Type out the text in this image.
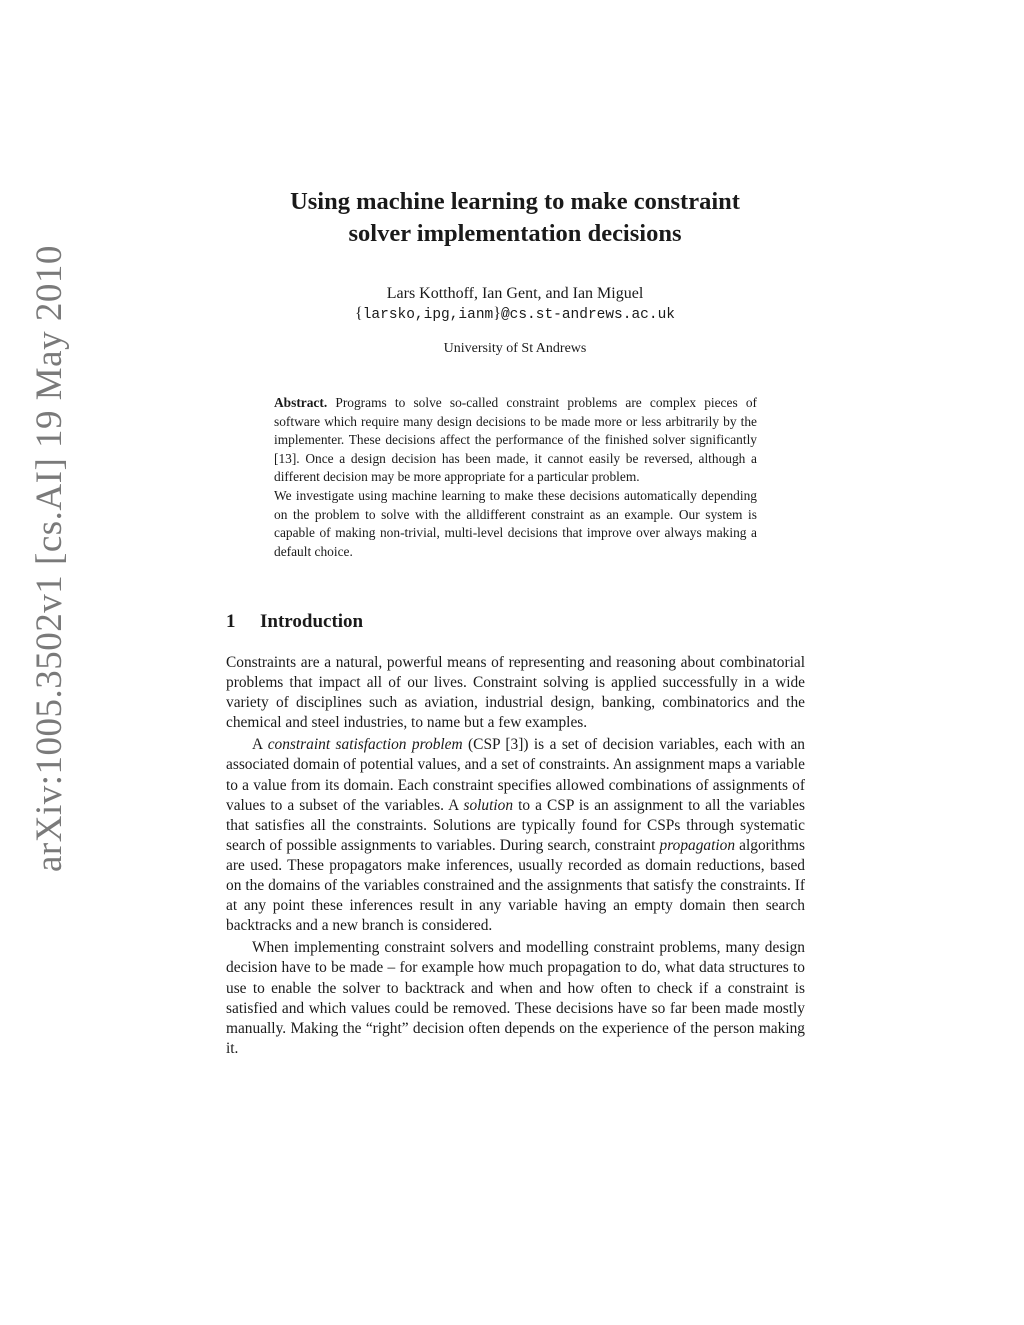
arXiv:1005.3502v1 [cs.AI] 19 May 2010
Using machine learning to make constraint
solver implementation decisions
Lars Kotthoff, Ian Gent, and Ian Miguel
{larsko,ipg,ianm}@cs.st-andrews.ac.uk
University of St Andrews

Abstract. Programs to solve so-called constraint problems are complex pieces of software which require many design decisions to be made more or less arbitrarily by the implementer. These decisions affect the performance of the finished solver significantly [13]. Once a design decision has been made, it cannot easily be reversed, although a different decision may be more appropriate for a particular problem.

We investigate using machine learning to make these decisions automatically depending on the problem to solve with the alldifferent constraint as an example. Our system is capable of making non-trivial, multi-level decisions that improve over always making a default choice.

1 Introduction

Constraints are a natural, powerful means of representing and reasoning about combinatorial problems that impact all of our lives. Constraint solving is applied successfully in a wide variety of disciplines such as aviation, industrial design, banking, combinatorics and the chemical and steel industries, to name but a few examples.

A constraint satisfaction problem (CSP [3]) is a set of decision variables, each with an associated domain of potential values, and a set of constraints. An assignment maps a variable to a value from its domain. Each constraint specifies allowed combinations of assignments of values to a subset of the variables. A solution to a CSP is an assignment to all the variables that satisfies all the constraints. Solutions are typically found for CSPs through systematic search of possible assignments to variables. During search, constraint propagation algorithms are used. These propagators make inferences, usually recorded as domain reductions, based on the domains of the variables constrained and the assignments that satisfy the constraints. If at any point these inferences result in any variable having an empty domain then search backtracks and a new branch is considered.

When implementing constraint solvers and modelling constraint problems, many design decision have to be made – for example how much propagation to do, what data structures to use to enable the solver to backtrack and when and how often to check if a constraint is satisfied and which values could be removed. These decisions have so far been made mostly manually. Making the “right” decision often depends on the experience of the person making it.
